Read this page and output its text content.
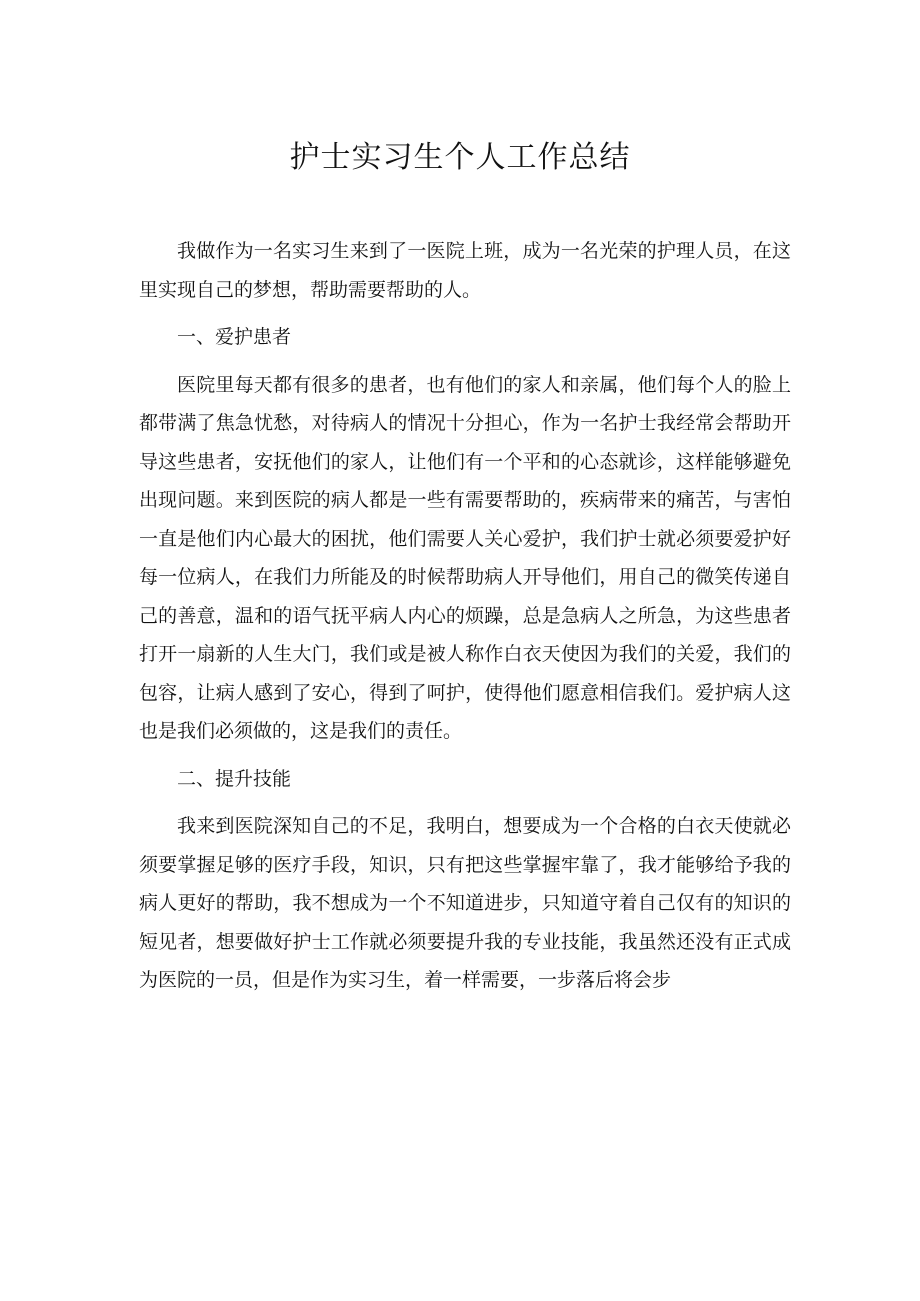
护士实习生个人工作总结

我做作为一名实习生来到了一医院上班，成为一名光荣的护理人员，在这里实现自己的梦想，帮助需要帮助的人。

一、爱护患者

医院里每天都有很多的患者，也有他们的家人和亲属，他们每个人的脸上都带满了焦急忧愁，对待病人的情况十分担心，作为一名护士我经常会帮助开导这些患者，安抚他们的家人，让他们有一个平和的心态就诊，这样能够避免出现问题。来到医院的病人都是一些有需要帮助的，疾病带来的痛苦，与害怕一直是他们内心最大的困扰，他们需要人关心爱护，我们护士就必须要爱护好每一位病人，在我们力所能及的时候帮助病人开导他们，用自己的微笑传递自己的善意，温和的语气抚平病人内心的烦躁，总是急病人之所急，为这些患者打开一扇新的人生大门，我们或是被人称作白衣天使因为我们的关爱，我们的包容，让病人感到了安心，得到了呵护，使得他们愿意相信我们。爱护病人这也是我们必须做的，这是我们的责任。

二、提升技能

我来到医院深知自己的不足，我明白，想要成为一个合格的白衣天使就必须要掌握足够的医疗手段，知识，只有把这些掌握牢靠了，我才能够给予我的病人更好的帮助，我不想成为一个不知道进步，只知道守着自己仅有的知识的短见者，想要做好护士工作就必须要提升我的专业技能，我虽然还没有正式成为医院的一员，但是作为实习生，着一样需要，一步落后将会步
